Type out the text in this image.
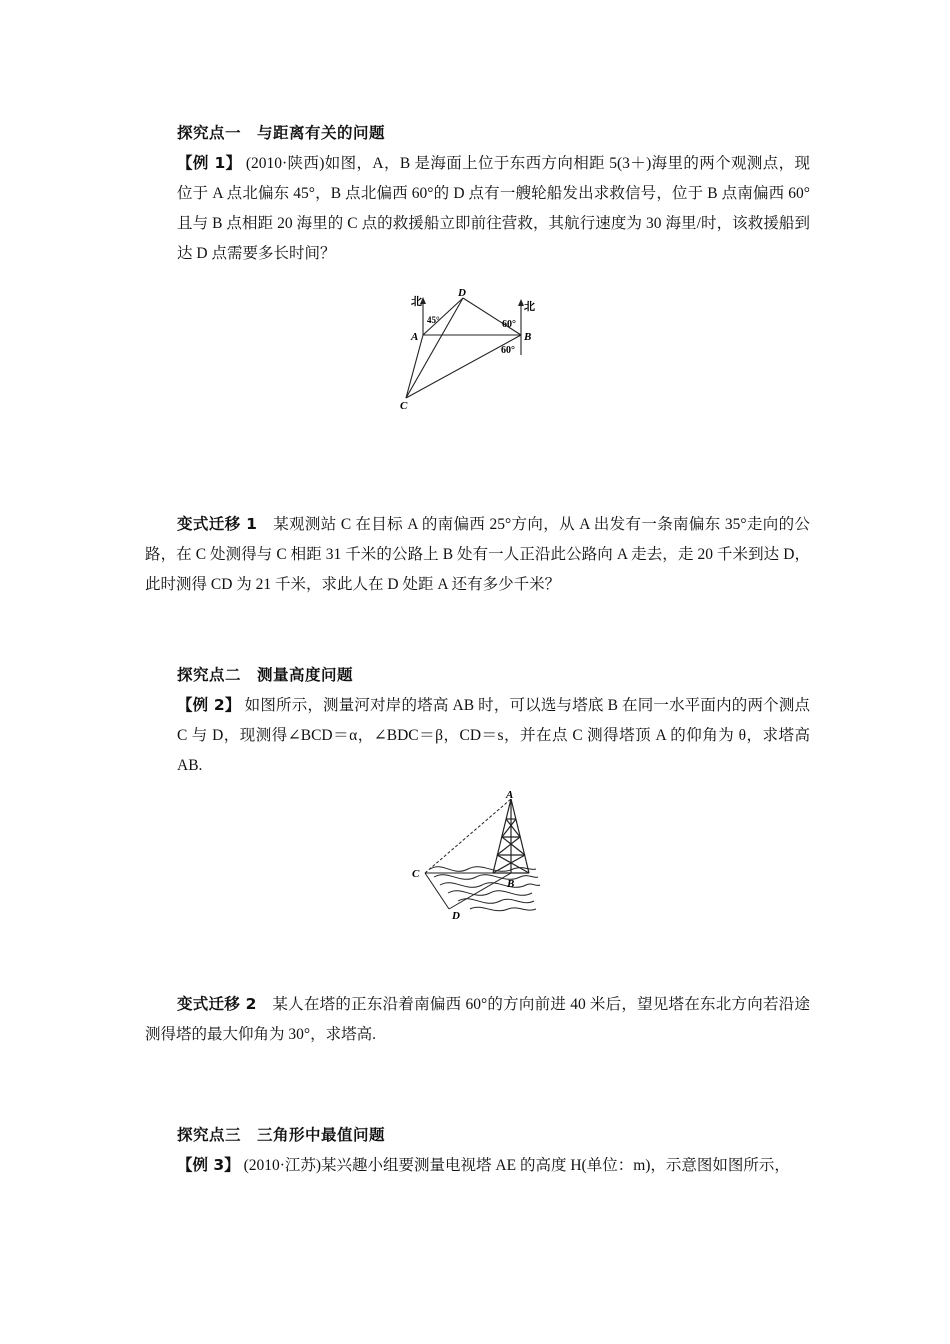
探究点一　与距离有关的问题

【例 1】 (2010·陕西)如图，A，B 是海面上位于东西方向相距 5(3＋)海里的两个观测点，现位于 A 点北偏东 45°，B 点北偏西 60°的 D 点有一艘轮船发出求救信号，位于 B 点南偏西 60°且与 B 点相距 20 海里的 C 点的救援船立即前往营救，其航行速度为 30 海里/时，该救援船到达 D 点需要多长时间？

北	北
A	B
C
D
45°	60°
60°

变式迁移 1　 某观测站 C 在目标 A 的南偏西 25°方向，从 A 出发有一条南偏东 35°走向的公路，在 C 处测得与 C 相距 31 千米的公路上 B 处有一人正沿此公路向 A 走去，走 20 千米到达 D，此时测得 CD 为 21 千米，求此人在 D 处距 A 还有多少千米？

探究点二　测量高度问题

【例 2】 如图所示，测量河对岸的塔高 AB 时，可以选与塔底 B 在同一水平面内的两个测点 C 与 D，现测得∠BCD＝α，∠BDC＝β，CD＝s，并在点 C 测得塔顶 A 的仰角为 θ，求塔高 AB.

A
B
C
D

变式迁移 2　 某人在塔的正东沿着南偏西 60°的方向前进 40 米后，望见塔在东北方向若沿途测得塔的最大仰角为 30°，求塔高.

探究点三　三角形中最值问题

【例 3】 (2010·江苏)某兴趣小组要测量电视塔 AE 的高度 H(单位：m)，示意图如图所示，
